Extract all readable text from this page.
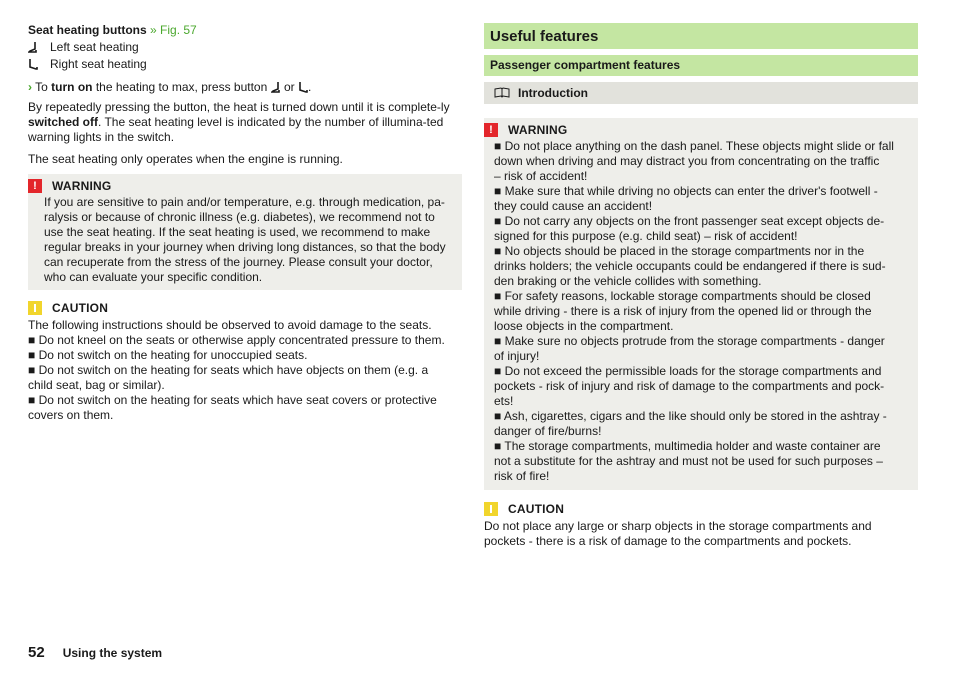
Seat heating buttons » Fig. 57
Left seat heating
Right seat heating
› To turn on the heating to max, press button or .

By repeatedly pressing the button, the heat is turned down until it is complete-ly switched off. The seat heating level is indicated by the number of illumina-ted warning lights in the switch.

The seat heating only operates when the engine is running.

!	WARNING
If you are sensitive to pain and/or temperature, e.g. through medication, pa-
ralysis or because of chronic illness (e.g. diabetes), we recommend not to
use the seat heating. If the seat heating is used, we recommend to make
regular breaks in your journey when driving long distances, so that the body
can recuperate from the stress of the journey. Please consult your doctor,
who can evaluate your specific condition.
CAUTION
The following instructions should be observed to avoid damage to the seats.
■ Do not kneel on the seats or otherwise apply concentrated pressure to them.
■ Do not switch on the heating for unoccupied seats.
■ Do not switch on the heating for seats which have objects on them (e.g. a
child seat, bag or similar).
■ Do not switch on the heating for seats which have seat covers or protective
covers on them.
Useful features
Passenger compartment features
Introduction
!	WARNING
■ Do not place anything on the dash panel. These objects might slide or fall
down when driving and may distract you from concentrating on the traffic
– risk of accident!
■ Make sure that while driving no objects can enter the driver's footwell -
they could cause an accident!
■ Do not carry any objects on the front passenger seat except objects de-
signed for this purpose (e.g. child seat) – risk of accident!
■ No objects should be placed in the storage compartments nor in the
drinks holders; the vehicle occupants could be endangered if there is sud-
den braking or the vehicle collides with something.
■ For safety reasons, lockable storage compartments should be closed
while driving - there is a risk of injury from the opened lid or through the
loose objects in the compartment.
■ Make sure no objects protrude from the storage compartments - danger
of injury!
■ Do not exceed the permissible loads for the storage compartments and
pockets - risk of injury and risk of damage to the compartments and pock-
ets!
■ Ash, cigarettes, cigars and the like should only be stored in the ashtray -
danger of fire/burns!
■ The storage compartments, multimedia holder and waste container are
not a substitute for the ashtray and must not be used for such purposes –
risk of fire!
CAUTION
Do not place any large or sharp objects in the storage compartments and
pockets - there is a risk of damage to the compartments and pockets.
52 Using the system
